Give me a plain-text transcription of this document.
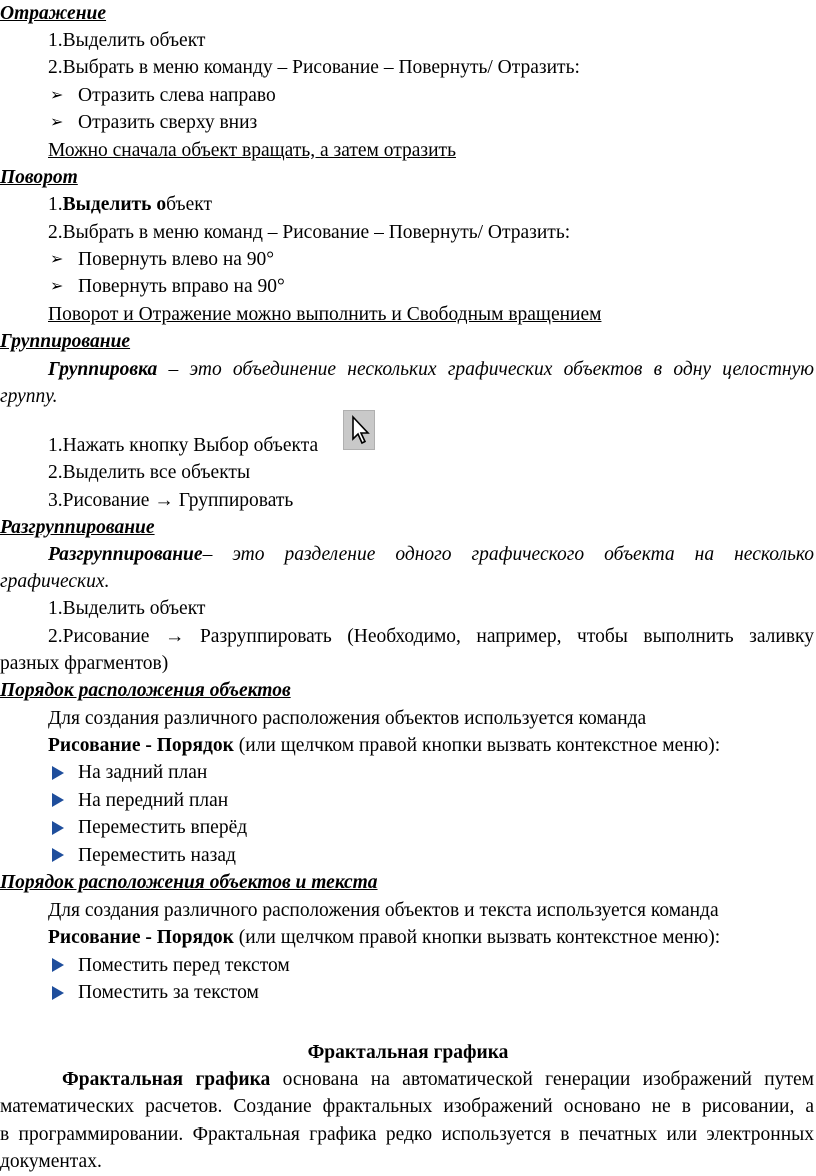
Отражение
1.Выделить объект
2.Выбрать в меню команду – Рисование – Повернуть/ Отразить:
➢ Отразить слева направо
➢ Отразить сверху вниз
Можно сначала объект вращать, а затем отразить
Поворот
1.Выделить объект
2.Выбрать в меню команд – Рисование – Повернуть/ Отразить:
➢ Повернуть влево на 90°
➢ Повернуть вправо на 90°
Поворот и Отражение можно выполнить и Свободным вращением
Группирование
Группировка – это объединение нескольких графических объектов в одну целостную
группу.
1.Нажать кнопку Выбор объекта
2.Выделить все объекты
3.Рисование → Группировать
Разгруппирование
Разгруппирование– это разделение одного графического объекта на несколько
графических.
1.Выделить объект
2.Рисование → Разруппировать (Необходимо, например, чтобы выполнить заливку
разных фрагментов)
Порядок расположения объектов
Для создания различного расположения объектов используется команда
Рисование - Порядок (или щелчком правой кнопки вызвать контекстное меню):
На задний план
На передний план
Переместить вперёд
Переместить назад
Порядок расположения объектов и текста
Для создания различного расположения объектов и текста используется команда
Рисование - Порядок (или щелчком правой кнопки вызвать контекстное меню):
Поместить перед текстом
Поместить за текстом
Фрактальная графика
Фрактальная графика основана на автоматической генерации изображений путем
математических расчетов. Создание фрактальных изображений основано не в рисовании, а
в программировании. Фрактальная графика редко используется в печатных или электронных
документах.
